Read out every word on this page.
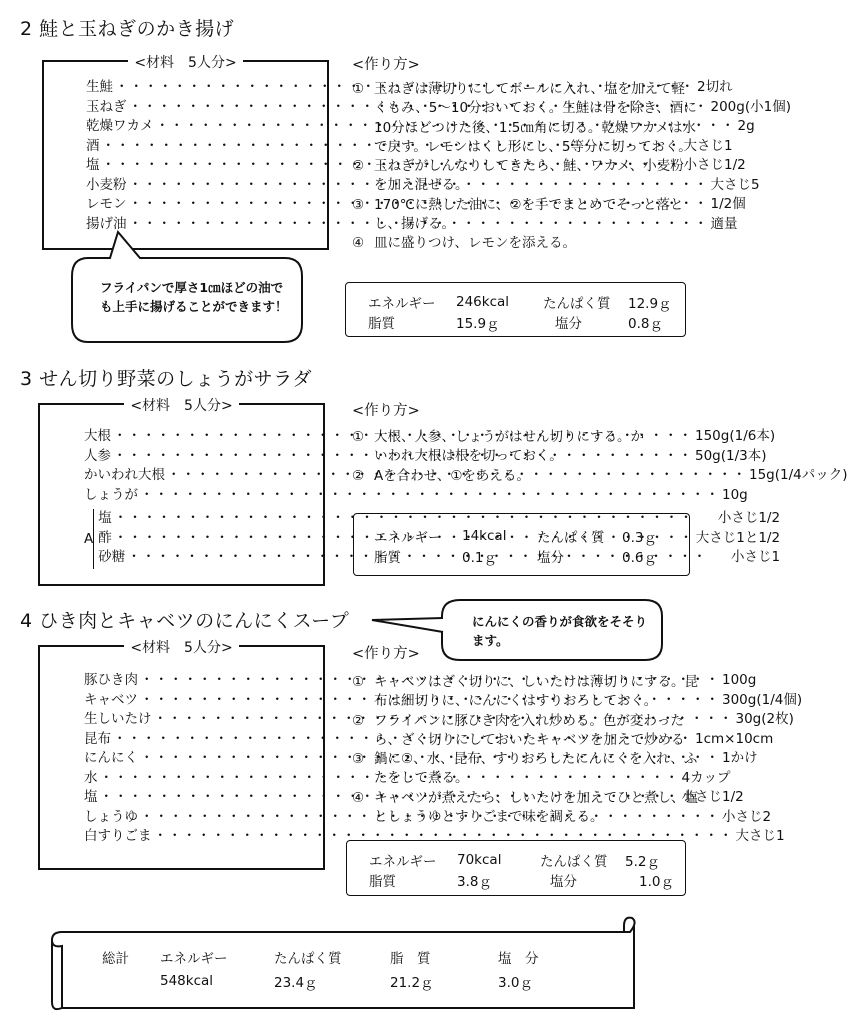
2 鮭と玉ねぎのかき揚げ
<材料　5人分>
生鮭 ・・・・・・・・・・・・・・・・・・・・・・・・・・・・・・・・・・・・・・・・	2切れ
玉ねぎ ・・・・・・・・・・・・・・・・・・・・・・・・・・・・・・・・・・・・・・・・	200g(小1個)
乾燥ワカメ ・・・・・・・・・・・・・・・・・・・・・・・・・・・・・・・・・・・・・・・・	2g
酒 ・・・・・・・・・・・・・・・・・・・・・・・・・・・・・・・・・・・・・・・・	大さじ1
塩 ・・・・・・・・・・・・・・・・・・・・・・・・・・・・・・・・・・・・・・・・	小さじ1/2
小麦粉 ・・・・・・・・・・・・・・・・・・・・・・・・・・・・・・・・・・・・・・・・	大さじ5
レモン ・・・・・・・・・・・・・・・・・・・・・・・・・・・・・・・・・・・・・・・・	1/2個
揚げ油 ・・・・・・・・・・・・・・・・・・・・・・・・・・・・・・・・・・・・・・・・	適量
フライパンで厚さ1㎝ほどの油でも上手に揚げることができます！
<作り方>
① 玉ねぎは薄切りにしてボールに入れ、塩を加えて軽くもみ、5～10分おいておく。生鮭は骨を除き、酒に10分ほどつけた後、1.5㎝角に切る。乾燥ワカメは水で戻す。レモンはくし形にし、5等分に切っておく。
② 玉ねぎがしんなりしてきたら、鮭、ワカメ、小麦粉を加え混ぜる。
③ 170℃に熱した油に、②を手でまとめてそっと落とし、揚げる。
④ 皿に盛りつけ、レモンを添える。
エネルギー	246kcal	たんぱく質	12.9ｇ
脂質	15.9ｇ	塩分	0.8ｇ
3 せん切り野菜のしょうがサラダ
<材料　5人分>
大根 ・・・・・・・・・・・・・・・・・・・・・・・・・・・・・・・・・・・・・・・・	150g(1/6本)
人参 ・・・・・・・・・・・・・・・・・・・・・・・・・・・・・・・・・・・・・・・・	50g(1/3本)
かいわれ大根 ・・・・・・・・・・・・・・・・・・・・・・・・・・・・・・・・・・・・・・・・	15g(1/4パック)
しょうが ・・・・・・・・・・・・・・・・・・・・・・・・・・・・・・・・・・・・・・・・	10g
A
塩 ・・・・・・・・・・・・・・・・・・・・・・・・・・・・・・・・・・・・・・・・	小さじ1/2
酢 ・・・・・・・・・・・・・・・・・・・・・・・・・・・・・・・・・・・・・・・・	大さじ1と1/2
砂糖 ・・・・・・・・・・・・・・・・・・・・・・・・・・・・・・・・・・・・・・・・	小さじ1
<作り方>
① 大根、人参、しょうがはせん切りにする。かいわれ大根は根を切っておく。
② Aを合わせ、①をあえる。
エネルギー	14kcal	たんぱく質	0.3ｇ
脂質	0.1ｇ	塩分	0.6ｇ
4 ひき肉とキャベツのにんにくスープ	にんにくの香りが食欲をそそります。
<材料　5人分>
豚ひき肉 ・・・・・・・・・・・・・・・・・・・・・・・・・・・・・・・・・・・・・・・・	100g
キャベツ ・・・・・・・・・・・・・・・・・・・・・・・・・・・・・・・・・・・・・・・・	300g(1/4個)
生しいたけ ・・・・・・・・・・・・・・・・・・・・・・・・・・・・・・・・・・・・・・・・	30g(2枚)
昆布 ・・・・・・・・・・・・・・・・・・・・・・・・・・・・・・・・・・・・・・・・	1cm×10cm
にんにく ・・・・・・・・・・・・・・・・・・・・・・・・・・・・・・・・・・・・・・・・	1かけ
水 ・・・・・・・・・・・・・・・・・・・・・・・・・・・・・・・・・・・・・・・・	4カップ
塩 ・・・・・・・・・・・・・・・・・・・・・・・・・・・・・・・・・・・・・・・・	小さじ1/2
しょうゆ ・・・・・・・・・・・・・・・・・・・・・・・・・・・・・・・・・・・・・・・・	小さじ2
白すりごま ・・・・・・・・・・・・・・・・・・・・・・・・・・・・・・・・・・・・・・・・	大さじ1
<作り方>
① キャベツはざく切りに、しいたけは薄切りにする。昆布は細切りに、にんにくはすりおろしておく。
② フライパンに豚ひき肉を入れ炒める。色が変わったら、ざく切りにしておいたキャベツを加えて炒める
③ 鍋に②、水、昆布、すりおろしたにんにくを入れ、ふたをして煮る。
④ キャベツが煮えたら、しいたけを加えてひと煮し、塩としょうゆとすりごまで味を調える。
エネルギー	70kcal	たんぱく質	5.2ｇ
脂質	3.8ｇ	塩分	1.0ｇ
総計	エネルギー	たんぱく質	脂　質	塩　分
	548kcal	23.4ｇ	21.2ｇ	3.0ｇ
